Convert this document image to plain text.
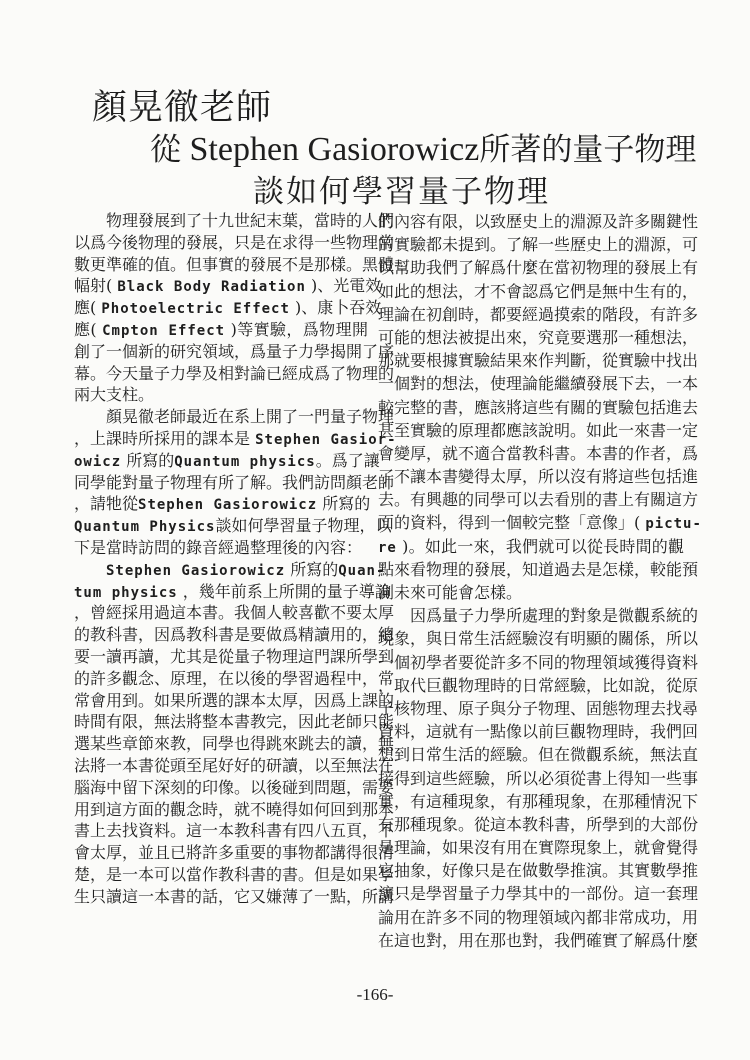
顏晃徹老師
從 Stephen Gasiorowicz所著的量子物理
談如何學習量子物理
物理發展到了十九世紀末葉，當時的人們
以爲今後物理的發展，只是在求得一些物理常
數更準確的值。但事實的發展不是那樣。黑體
幅射( Black Body Radiation )、光電效
應( Photoelectric Effect )、康卜吞效
應( Cmpton Effect )等實驗，爲物理開
創了一個新的研究領域，爲量子力學揭開了序
幕。今天量子力學及相對論已經成爲了物理的
兩大支柱。
顏晃徹老師最近在系上開了一門量子物理
，上課時所採用的課本是 Stephen Gasior-
owicz 所寫的Quantum physics。爲了讓
同學能對量子物理有所了解。我們訪問顏老師
，請牠從Stephen Gasiorowicz 所寫的
Quantum Physics談如何學習量子物理，以
下是當時訪問的錄音經過整理後的內容：
Stephen Gasiorowicz 所寫的Quan-
tum physics ，幾年前系上所開的量子導論
，曾經採用過這本書。我個人較喜歡不要太厚
的教科書，因爲教科書是要做爲精讀用的，總
要一讀再讀，尤其是從量子物理這門課所學到
的許多觀念、原理，在以後的學習過程中，常
常會用到。如果所選的課本太厚，因爲上課的
時間有限，無法將整本書教完，因此老師只能
選某些章節來教，同學也得跳來跳去的讀，無
法將一本書從頭至尾好好的研讀，以至無法在
腦海中留下深刻的印像。以後碰到問題，需要
用到這方面的觀念時，就不曉得如何回到那本
書上去找資料。這一本教科書有四八五頁，不
會太厚，並且已將許多重要的事物都講得很清
楚，是一本可以當作教科書的書。但是如果學
生只讀這一本書的話，它又嫌薄了一點，所講
的內容有限，以致歷史上的淵源及許多關鍵性
的實驗都未提到。了解一些歷史上的淵源，可
以幫助我們了解爲什麼在當初物理的發展上有
如此的想法，才不會認爲它們是無中生有的，
理論在初創時，都要經過摸索的階段，有許多
可能的想法被提出來，究竟要選那一種想法，
那就要根據實驗結果來作判斷，從實驗中找出
一個對的想法，使理論能繼續發展下去，一本
較完整的書，應該將這些有關的實驗包括進去
甚至實驗的原理都應該說明。如此一來書一定
會變厚，就不適合當教科書。本書的作者，爲
了不讓本書變得太厚，所以沒有將這些包括進
去。有興趣的同學可以去看別的書上有關這方
面的資料，得到一個較完整「意像」( pictu-
re )。如此一來，我們就可以從長時間的觀
點來看物理的發展，知道過去是怎樣，較能預
測未來可能會怎樣。
因爲量子力學所處理的對象是微觀系統的
現象，與日常生活經驗沒有明顯的關係，所以
一個初學者要從許多不同的物理領域獲得資料
，取代巨觀物理時的日常經驗，比如說，從原
子核物理、原子與分子物理、固態物理去找尋
資料，這就有一點像以前巨觀物理時，我們回
想到日常生活的經驗。但在微觀系統，無法直
接得到這些經驗，所以必須從書上得知一些事
實，有這種現象，有那種現象，在那種情況下
有那種現象。從這本教科書，所學到的大部份
是理論，如果沒有用在實際現象上，就會覺得
它抽象，好像只是在做數學推演。其實數學推
演只是學習量子力學其中的一部份。這一套理
論用在許多不同的物理領域內都非常成功，用
在這也對，用在那也對，我們確實了解爲什麼
-166-
